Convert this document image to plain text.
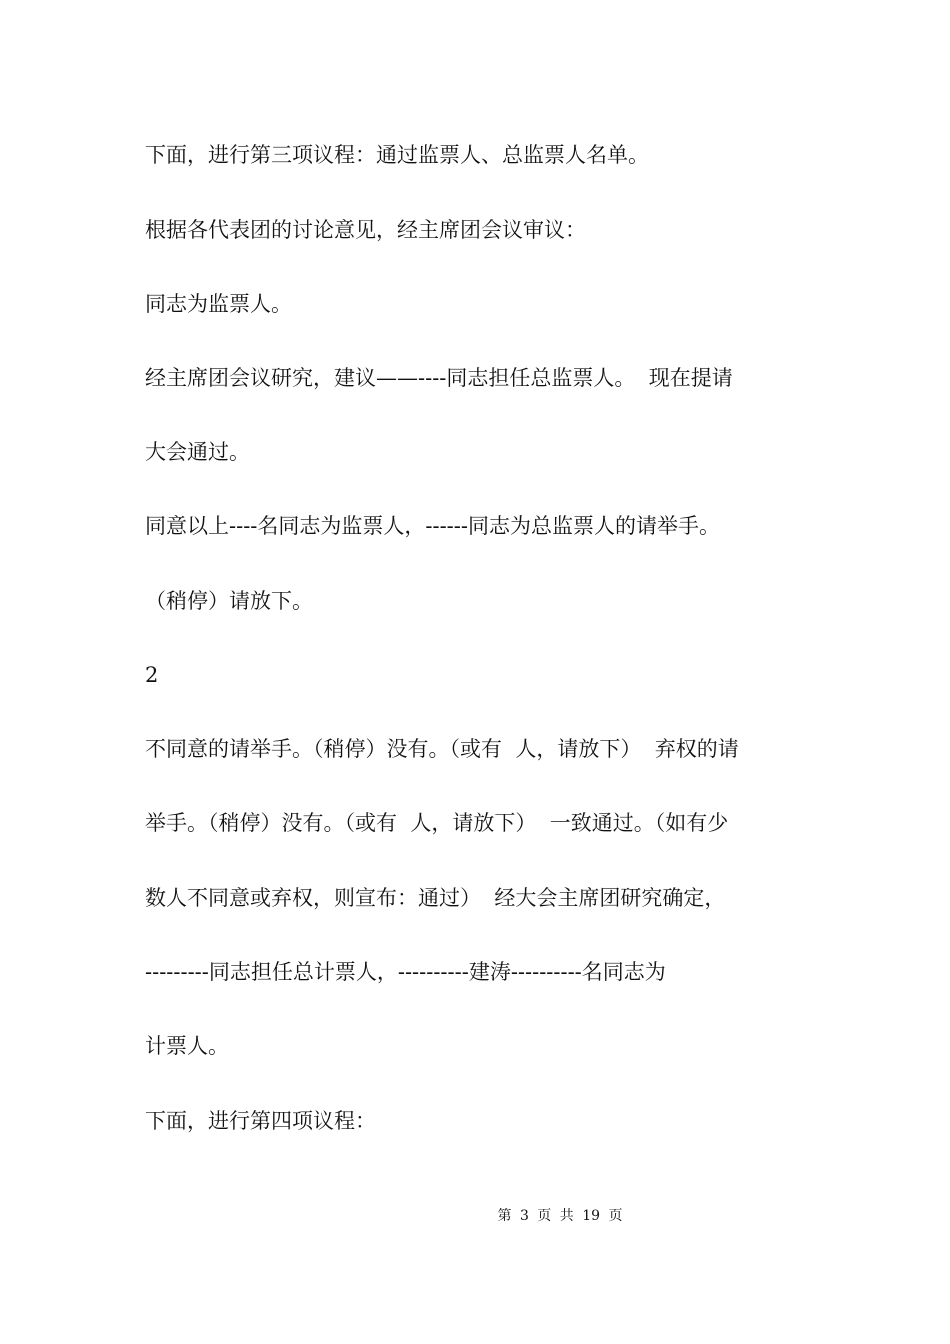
下面，进行第三项议程：通过监票人、总监票人名单。
根据各代表团的讨论意见，经主席团会议审议：
同志为监票人。
经主席团会议研究，建议——----同志担任总监票人。  现在提请
大会通过。
同意以上----名同志为监票人，------同志为总监票人的请举手。
（稍停）请放下。
2
不同意的请举手。（稍停）没有。（或有  人，请放下）  弃权的请
举手。（稍停）没有。（或有  人，请放下）  一致通过。（如有少
数人不同意或弃权，则宣布：通过）  经大会主席团研究确定，
---------同志担任总计票人，----------建涛----------名同志为
计票人。
下面，进行第四项议程：
第 3 页 共 19 页
